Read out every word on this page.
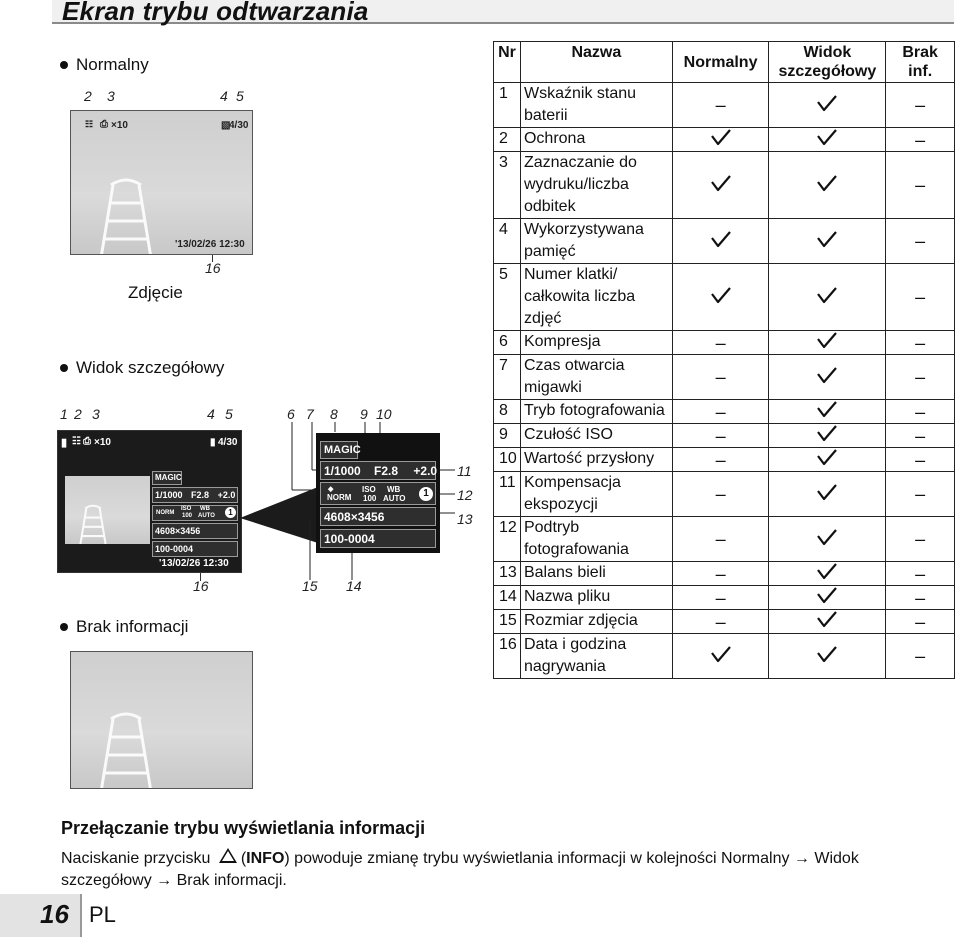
Ekran trybu odtwarzania
Normalny
2 3	4 5
☷ ⎙ ×10	▧
4/30
'13/02/26 12:30
16
Zdjęcie
Widok szczegółowy
1 2 3	4 5
▮ ☷ ⎙ ×10	▮ 4/30
MAGIC
1/1000 F2.8 +2.0
NORM
ISO
100
WB
AUTO	1
4608×3456
100-0004
'13/02/26 12:30
16
6 7 8 9 10
11
12
13
15 14
MAGIC
1/1000 F2.8 +2.0
◆
NORM
ISO
100
WB
AUTO	1
4608×3456
100-0004
Brak informacji
Nr	Nazwa	Normalny	Widok szczegółowy	Brak inf.
1	Wskaźnik stanu baterii	–		–
2	Ochrona			–
3	Zaznaczanie do wydruku/liczba odbitek			–
4	Wykorzystywana pamięć			–
5	Numer klatki/ całkowita liczba zdjęć			–
6	Kompresja	–		–
7	Czas otwarcia migawki	–		–
8	Tryb fotografowania	–		–
9	Czułość ISO	–		–
10	Wartość przysłony	–		–
11	Kompensacja ekspozycji	–		–
12	Podtryb fotografowania	–		–
13	Balans bieli	–		–
14	Nazwa pliku	–		–
15	Rozmiar zdjęcia	–		–
16	Data i godzina nagrywania			–
Przełączanie trybu wyświetlania informacji
Naciskanie przycisku (INFO) powoduje zmianę trybu wyświetlania informacji w kolejności Normalny → Widok szczegółowy → Brak informacji.
16 PL
